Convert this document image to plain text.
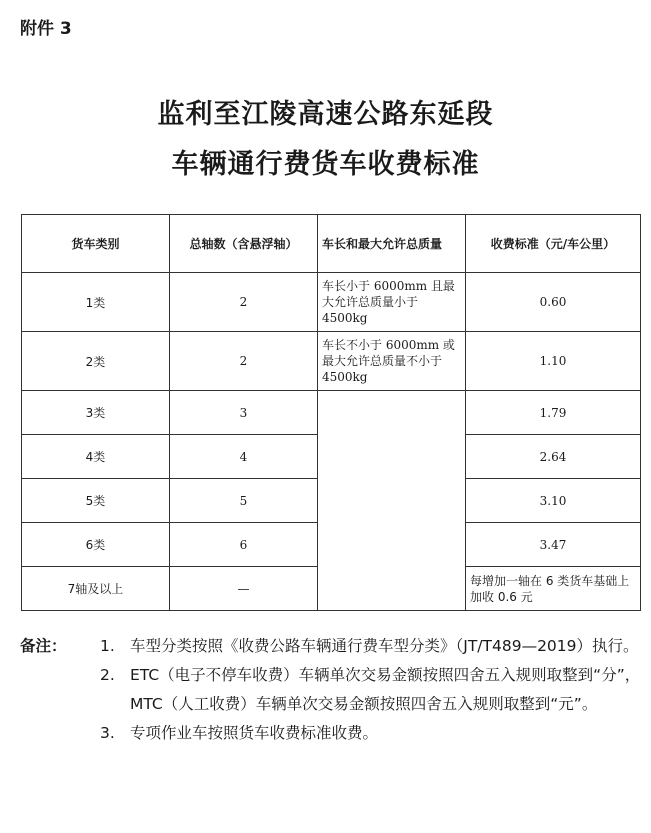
附件 3
监利至江陵高速公路东延段
车辆通行费货车收费标准
货车类别	总轴数（含悬浮轴）	车长和最大允许总质量	收费标准（元/车公里）
1类	2	车长小于 6000mm 且最大允许总质量小于 4500kg	0.60
2类	2	车长不小于 6000mm 或最大允许总质量不小于 4500kg	1.10
3类	3		1.79
4类	4		2.64
5类	5		3.10
6类	6		3.47
7轴及以上	—		每增加一轴在 6 类货车基础上加收 0.6 元
备注： 1. 车型分类按照《收费公路车辆通行费车型分类》（JT/T489—2019）执行。
2. ETC（电子不停车收费）车辆单次交易金额按照四舍五入规则取整到“分”，MTC（人工收费）车辆单次交易金额按照四舍五入规则取整到“元”。
3. 专项作业车按照货车收费标准收费。
